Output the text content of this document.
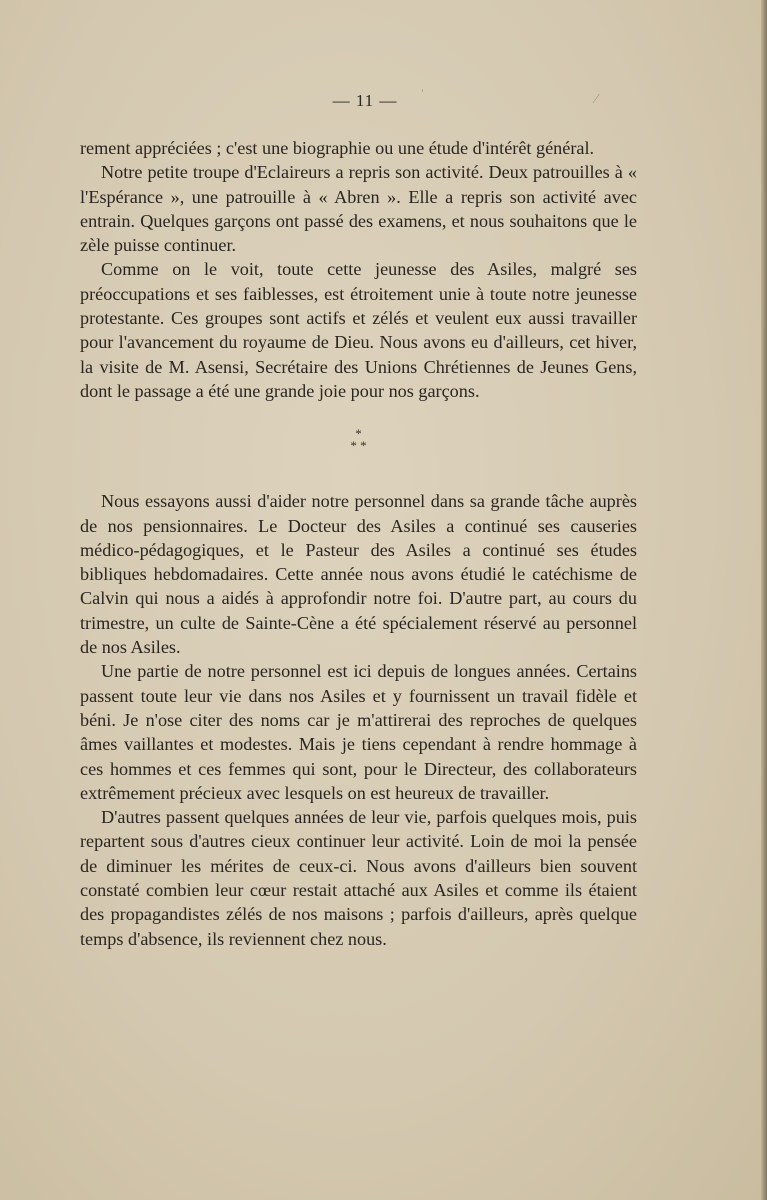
— 11 —

rement appréciées ; c'est une biographie ou une étude d'intérêt général.

Notre petite troupe d'Eclaireurs a repris son activité. Deux patrouilles à « l'Espérance », une patrouille à « Abren ». Elle a repris son activité avec entrain. Quelques garçons ont passé des examens, et nous souhaitons que le zèle puisse continuer.

Comme on le voit, toute cette jeunesse des Asiles, malgré ses préoccupations et ses faiblesses, est étroitement unie à toute notre jeunesse protestante. Ces groupes sont actifs et zélés et veulent eux aussi travailler pour l'avancement du royaume de Dieu. Nous avons eu d'ailleurs, cet hiver, la visite de M. Asensi, Secrétaire des Unions Chrétiennes de Jeunes Gens, dont le passage a été une grande joie pour nos garçons.

*
* *

Nous essayons aussi d'aider notre personnel dans sa grande tâche auprès de nos pensionnaires. Le Docteur des Asiles a continué ses causeries médico-pédagogiques, et le Pasteur des Asiles a continué ses études bibliques hebdomadaires. Cette année nous avons étudié le catéchisme de Calvin qui nous a aidés à approfondir notre foi. D'autre part, au cours du trimestre, un culte de Sainte-Cène a été spécialement réservé au personnel de nos Asiles.

Une partie de notre personnel est ici depuis de longues années. Certains passent toute leur vie dans nos Asiles et y fournissent un travail fidèle et béni. Je n'ose citer des noms car je m'attirerai des reproches de quelques âmes vaillantes et modestes. Mais je tiens cependant à rendre hommage à ces hommes et ces femmes qui sont, pour le Directeur, des collaborateurs extrêmement précieux avec lesquels on est heureux de travailler.

D'autres passent quelques années de leur vie, parfois quelques mois, puis repartent sous d'autres cieux continuer leur activité. Loin de moi la pensée de diminuer les mérites de ceux-ci. Nous avons d'ailleurs bien souvent constaté combien leur cœur restait attaché aux Asiles et comme ils étaient des propagandistes zélés de nos maisons ; parfois d'ailleurs, après quelque temps d'absence, ils reviennent chez nous.

ˈ	⁄
